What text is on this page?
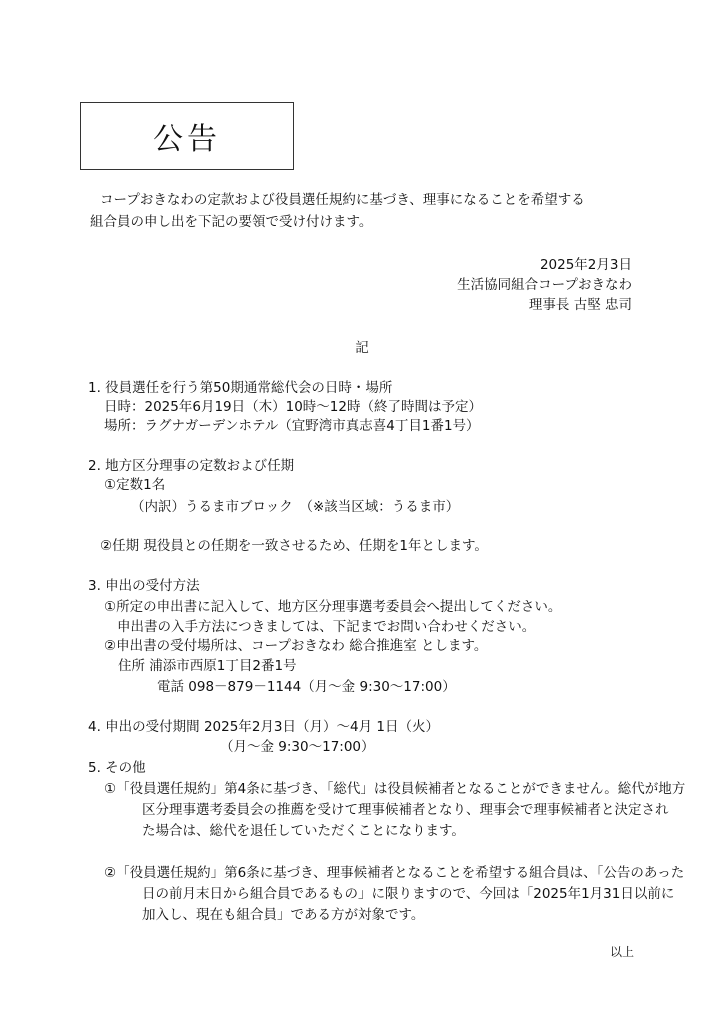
公告
コープおきなわの定款および役員選任規約に基づき、理事になることを希望する
組合員の申し出を下記の要領で受け付けます。
2025年2月3日
生活協同組合コープおきなわ
理事長 古堅 忠司
記
1. 役員選任を行う第50期通常総代会の日時・場所
日時：2025年6月19日（木）10時～12時（終了時間は予定）
場所：ラグナガーデンホテル（宜野湾市真志喜4丁目1番1号）
2. 地方区分理事の定数および任期
①定数1名
（内訳）うるま市ブロック　（※該当区域：うるま市）
②任期 現役員との任期を一致させるため、任期を1年とします。
3. 申出の受付方法
①所定の申出書に記入して、地方区分理事選考委員会へ提出してください。
申出書の入手方法につきましては、下記までお問い合わせください。
②申出書の受付場所は、コープおきなわ 総合推進室 とします。
住所 浦添市西原1丁目2番1号
電話 098－879－1144（月～金 9:30～17:00）
4. 申出の受付期間 2025年2月3日（月）～4月 1日（火）
（月～金 9:30～17:00）
5. その他
①「役員選任規約」第4条に基づき、「総代」は役員候補者となることができません。総代が地方
区分理事選考委員会の推薦を受けて理事候補者となり、理事会で理事候補者と決定され
た場合は、総代を退任していただくことになります。
②「役員選任規約」第6条に基づき、理事候補者となることを希望する組合員は、「公告のあった
日の前月末日から組合員であるもの」に限りますので、今回は「2025年1月31日以前に
加入し、現在も組合員」である方が対象です。
以上
